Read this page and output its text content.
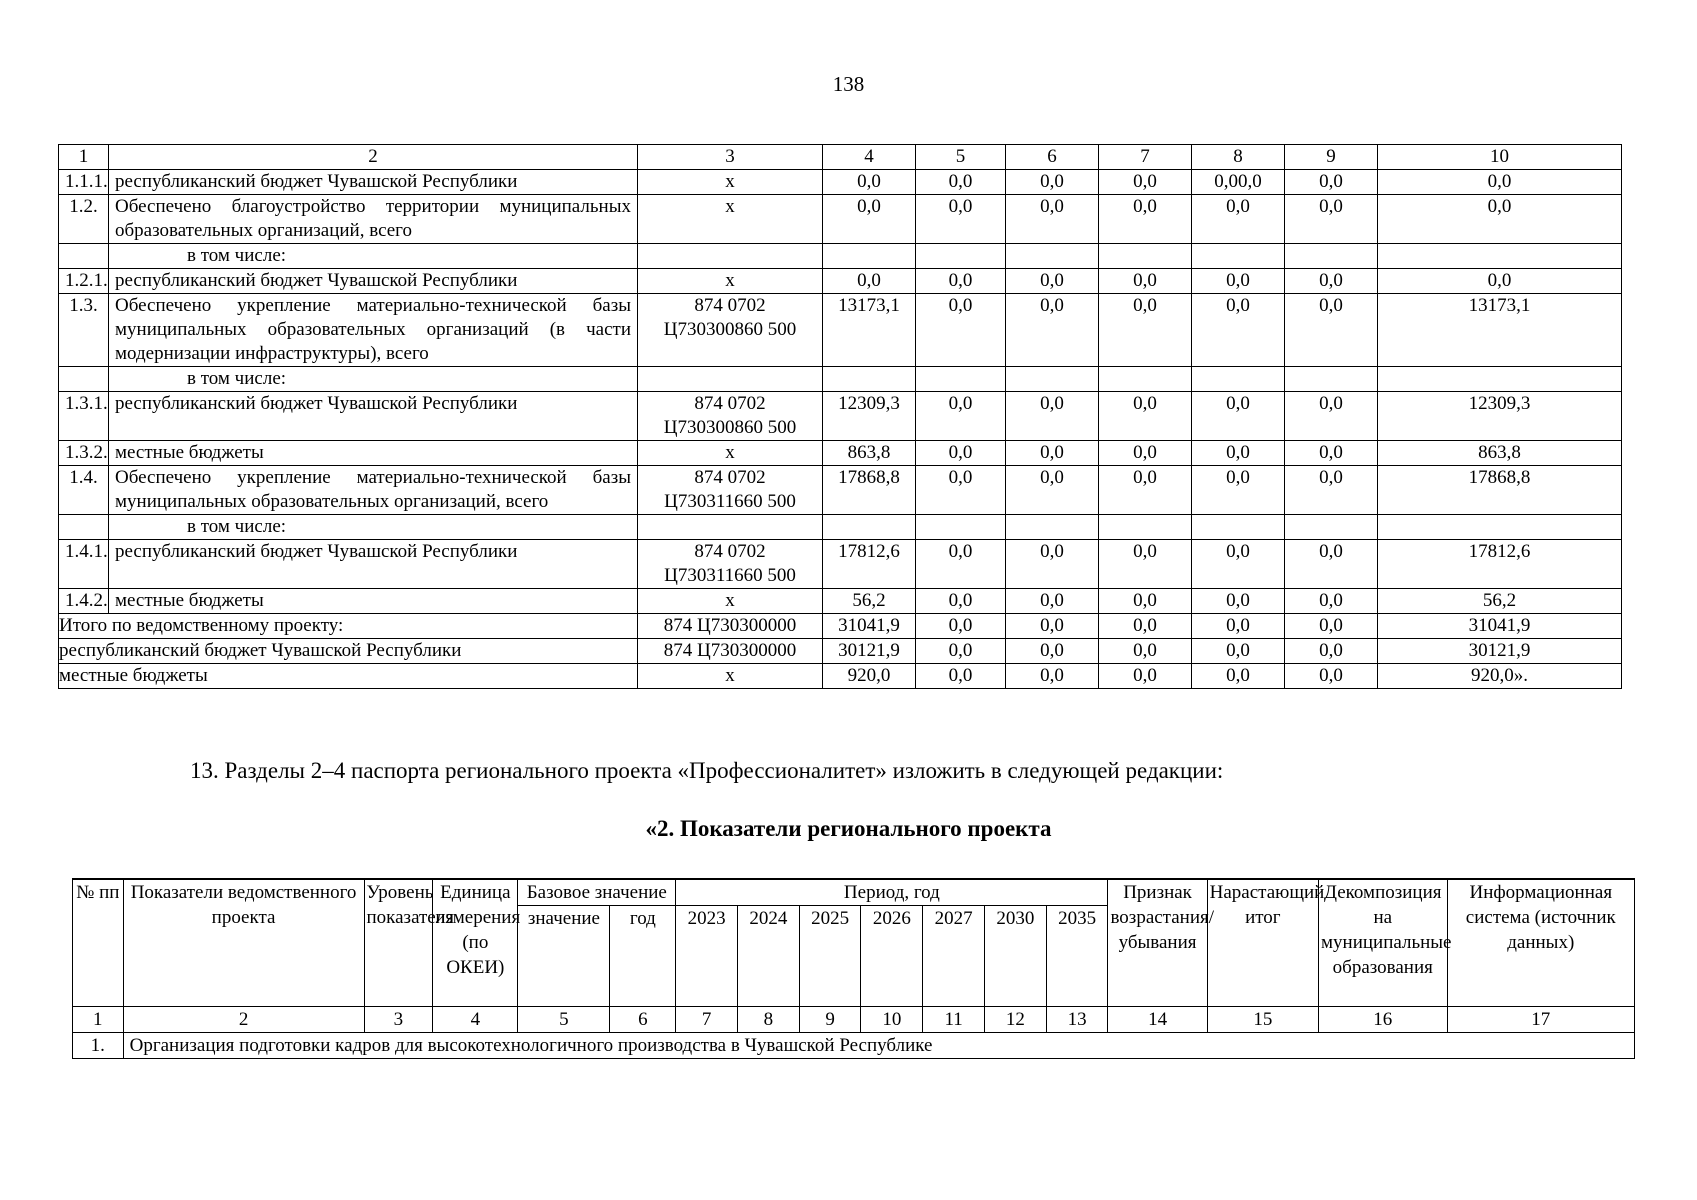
138
1	2	3	4	5	6	7	8	9	10
1.1.1.	республиканский бюджет Чувашской Республики	x	0,0	0,0	0,0	0,0	0,00,0	0,0	0,0
1.2.	Обеспечено благоустройство территории муниципальных образовательных организаций, всего	x	0,0	0,0	0,0	0,0	0,0	0,0	0,0
	в том числе:								
1.2.1.	республиканский бюджет Чувашской Республики	x	0,0	0,0	0,0	0,0	0,0	0,0	0,0
1.3.	Обеспечено укрепление материально-технической базы муниципальных образовательных организаций (в части модернизации инфраструктуры), всего	874 0702 Ц730300860 500	13173,1	0,0	0,0	0,0	0,0	0,0	13173,1
	в том числе:								
1.3.1.	республиканский бюджет Чувашской Республики	874 0702 Ц730300860 500	12309,3	0,0	0,0	0,0	0,0	0,0	12309,3
1.3.2.	местные бюджеты	x	863,8	0,0	0,0	0,0	0,0	0,0	863,8
1.4.	Обеспечено укрепление материально-технической базы муниципальных образовательных организаций, всего	874 0702 Ц730311660 500	17868,8	0,0	0,0	0,0	0,0	0,0	17868,8
	в том числе:								
1.4.1.	республиканский бюджет Чувашской Республики	874 0702 Ц730311660 500	17812,6	0,0	0,0	0,0	0,0	0,0	17812,6
1.4.2.	местные бюджеты	x	56,2	0,0	0,0	0,0	0,0	0,0	56,2
Итого по ведомственному проекту:		874 Ц730300000	31041,9	0,0	0,0	0,0	0,0	0,0	31041,9
республиканский бюджет Чувашской Республики		874 Ц730300000	30121,9	0,0	0,0	0,0	0,0	0,0	30121,9
местные бюджеты		x	920,0	0,0	0,0	0,0	0,0	0,0	920,0».
13. Разделы 2–4 паспорта регионального проекта «Профессионалитет» изложить в следующей редакции:
«2. Показатели регионального проекта
№ пп	Показатели ведомственного проекта	Уровень показателя	Единица измерения (по ОКЕИ)	Базовое значение		Период, год							Признак возрастания/ убывания	Нарастающий итог	Декомпозиция на муниципальные образования	Информационная система (источник данных)
				значение	год	2023	2024	2025	2026	2027	2030	2035				
1	2	3	4	5	6	7	8	9	10	11	12	13	14	15	16	17
1.	Организация подготовки кадров для высокотехнологичного производства в Чувашской Республике															
